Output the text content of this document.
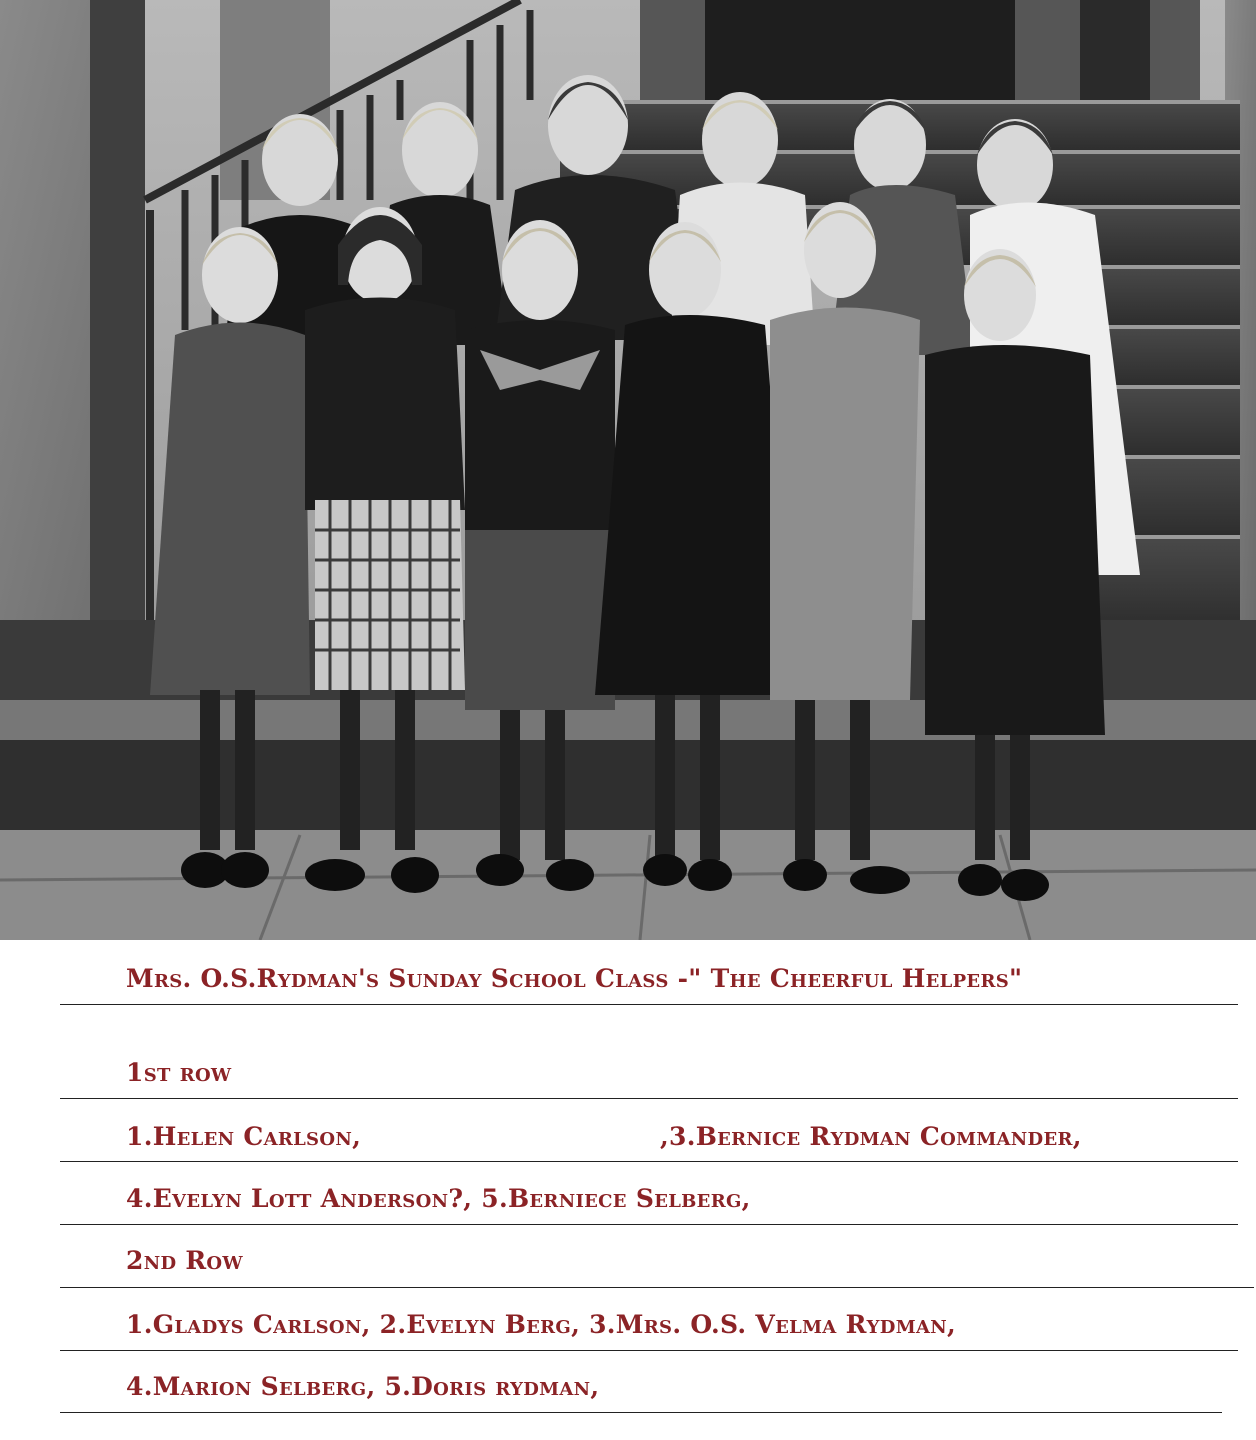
Mrs. O.S.Rydman's Sunday School Class -" The Cheerful Helpers"
1st row
1.Helen Carlson,	,3.Bernice Rydman Commander,
4.Evelyn Lott Anderson?, 5.Berniece Selberg,
2nd Row
1.Gladys Carlson, 2.Evelyn Berg, 3.Mrs. O.S. Velma Rydman,
4.Marion Selberg, 5.Doris rydman,
